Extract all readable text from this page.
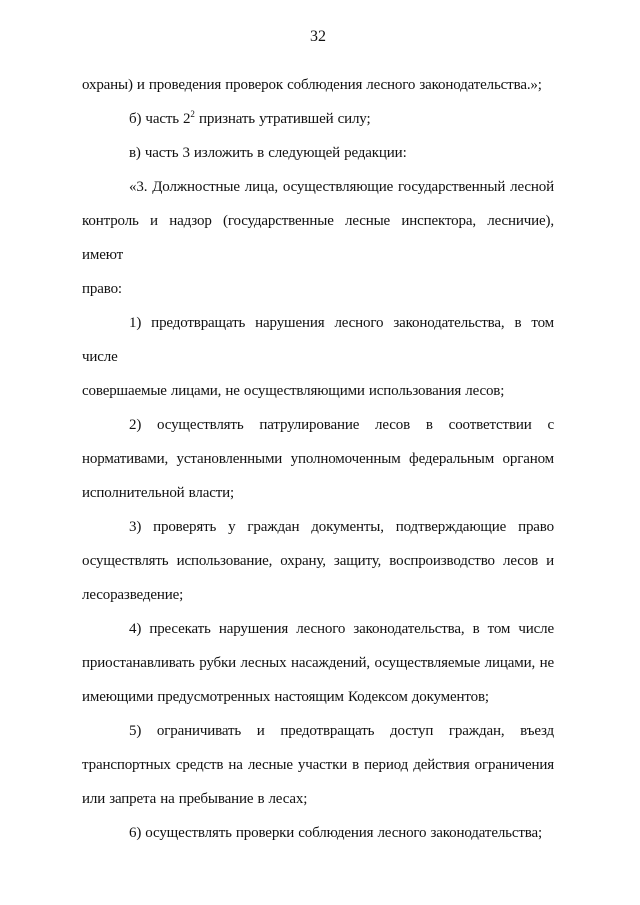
32
охраны) и проведения проверок соблюдения лесного законодательства.»;
б) часть $2^2$ признать утратившей силу;
в) часть 3 изложить в следующей редакции:
«3. Должностные лица, осуществляющие государственный лесной
контроль и надзор (государственные лесные инспектора, лесничие), имеют
право:
1) предотвращать нарушения лесного законодательства, в том числе
совершаемые лицами, не осуществляющими использования лесов;
2) осуществлять патрулирование лесов в соответствии с
нормативами, установленными уполномоченным федеральным органом
исполнительной власти;
3) проверять у граждан документы, подтверждающие право
осуществлять использование, охрану, защиту, воспроизводство лесов и
лесоразведение;
4) пресекать нарушения лесного законодательства, в том числе
приостанавливать рубки лесных насаждений, осуществляемые лицами, не
имеющими предусмотренных настоящим Кодексом документов;
5) ограничивать и предотвращать доступ граждан, въезд
транспортных средств на лесные участки в период действия ограничения
или запрета на пребывание в лесах;
6) осуществлять проверки соблюдения лесного законодательства;
